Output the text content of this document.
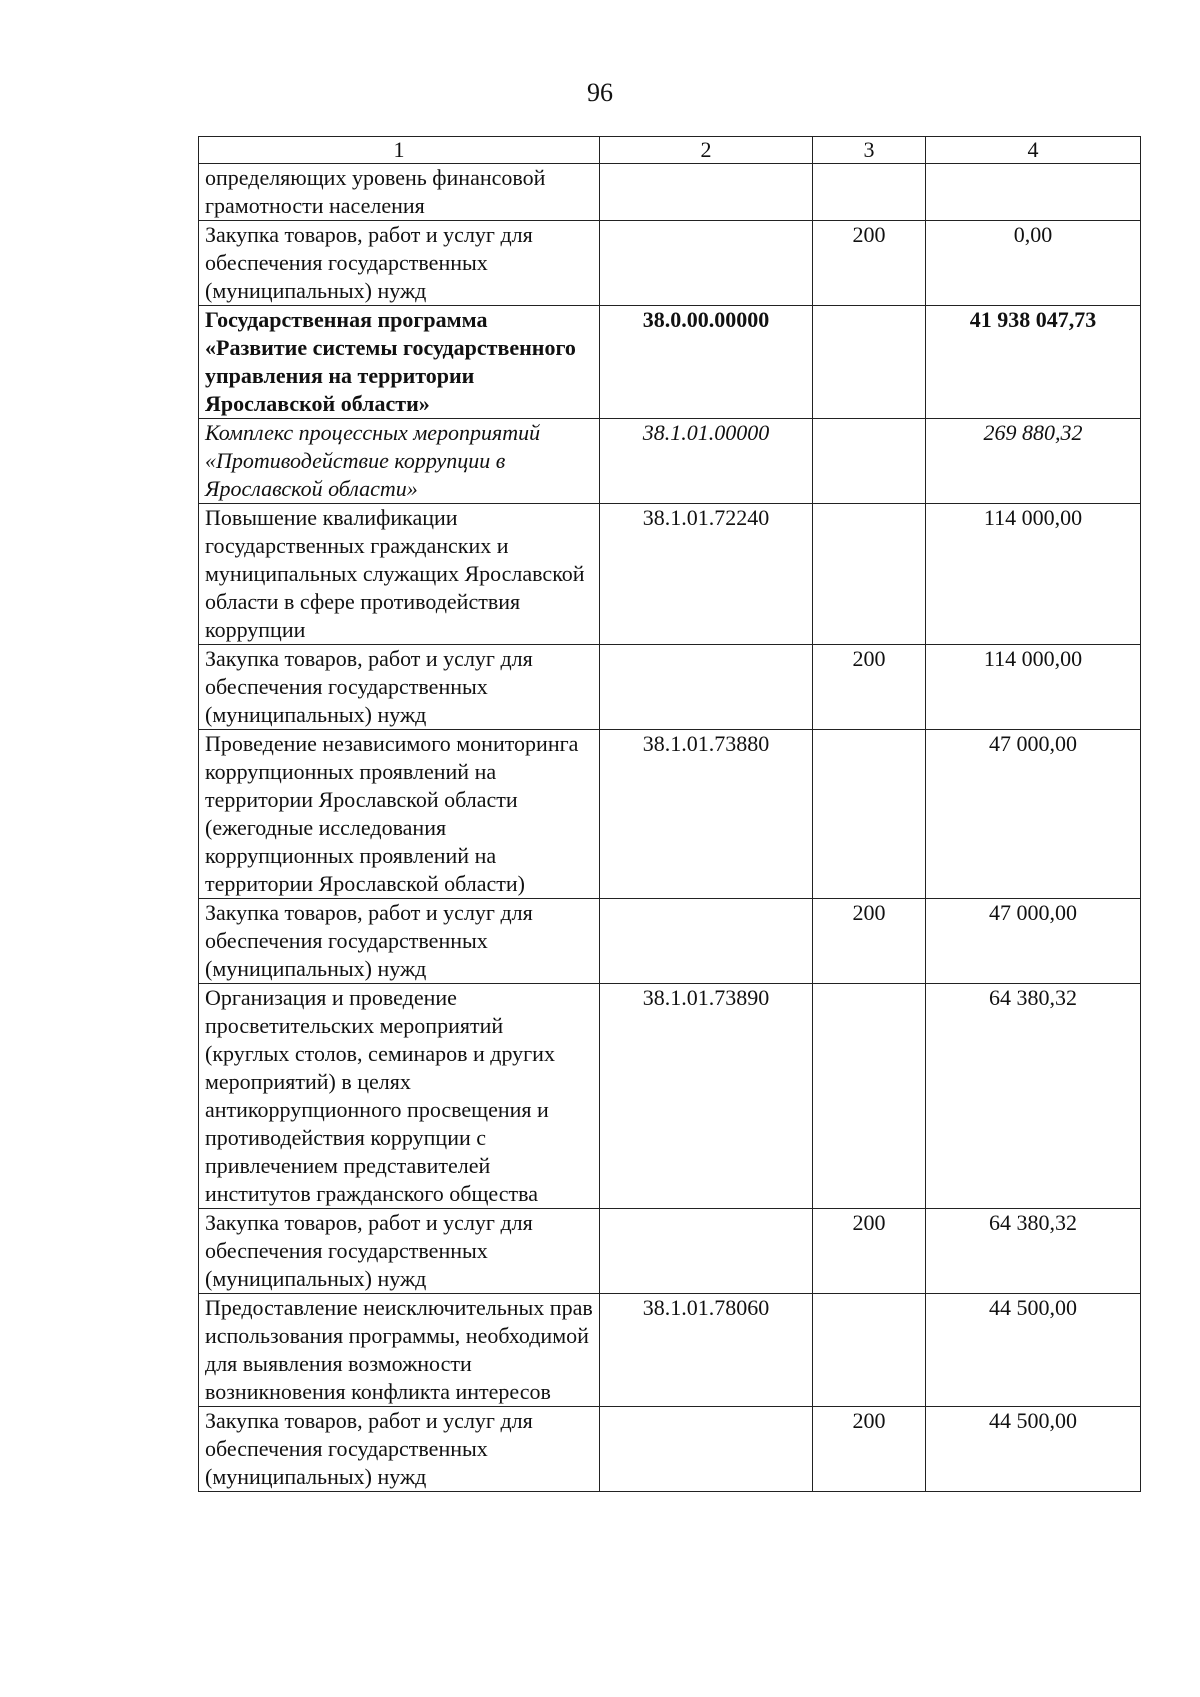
96
1	2	3	4
определяющих уровень финансовой грамотности населения			
Закупка товаров, работ и услуг для обеспечения государственных (муниципальных) нужд		200	0,00
Государственная программа «Развитие системы государственного управления на территории Ярославской области»	38.0.00.00000		41 938 047,73
Комплекс процессных мероприятий «Противодействие коррупции в Ярославской области»	38.1.01.00000		269 880,32
Повышение квалификации государственных гражданских и муниципальных служащих Ярославской области в сфере противодействия коррупции	38.1.01.72240		114 000,00
Закупка товаров, работ и услуг для обеспечения государственных (муниципальных) нужд		200	114 000,00
Проведение независимого мониторинга коррупционных проявлений на территории Ярославской области (ежегодные исследования коррупционных проявлений на территории Ярославской области)	38.1.01.73880		47 000,00
Закупка товаров, работ и услуг для обеспечения государственных (муниципальных) нужд		200	47 000,00
Организация и проведение просветительских мероприятий (круглых столов, семинаров и других мероприятий) в целях антикоррупционного просвещения и противодействия коррупции с привлечением представителей институтов гражданского общества	38.1.01.73890		64 380,32
Закупка товаров, работ и услуг для обеспечения государственных (муниципальных) нужд		200	64 380,32
Предоставление неисключительных прав использования программы, необходимой для выявления возможности возникновения конфликта интересов	38.1.01.78060		44 500,00
Закупка товаров, работ и услуг для обеспечения государственных (муниципальных) нужд		200	44 500,00
